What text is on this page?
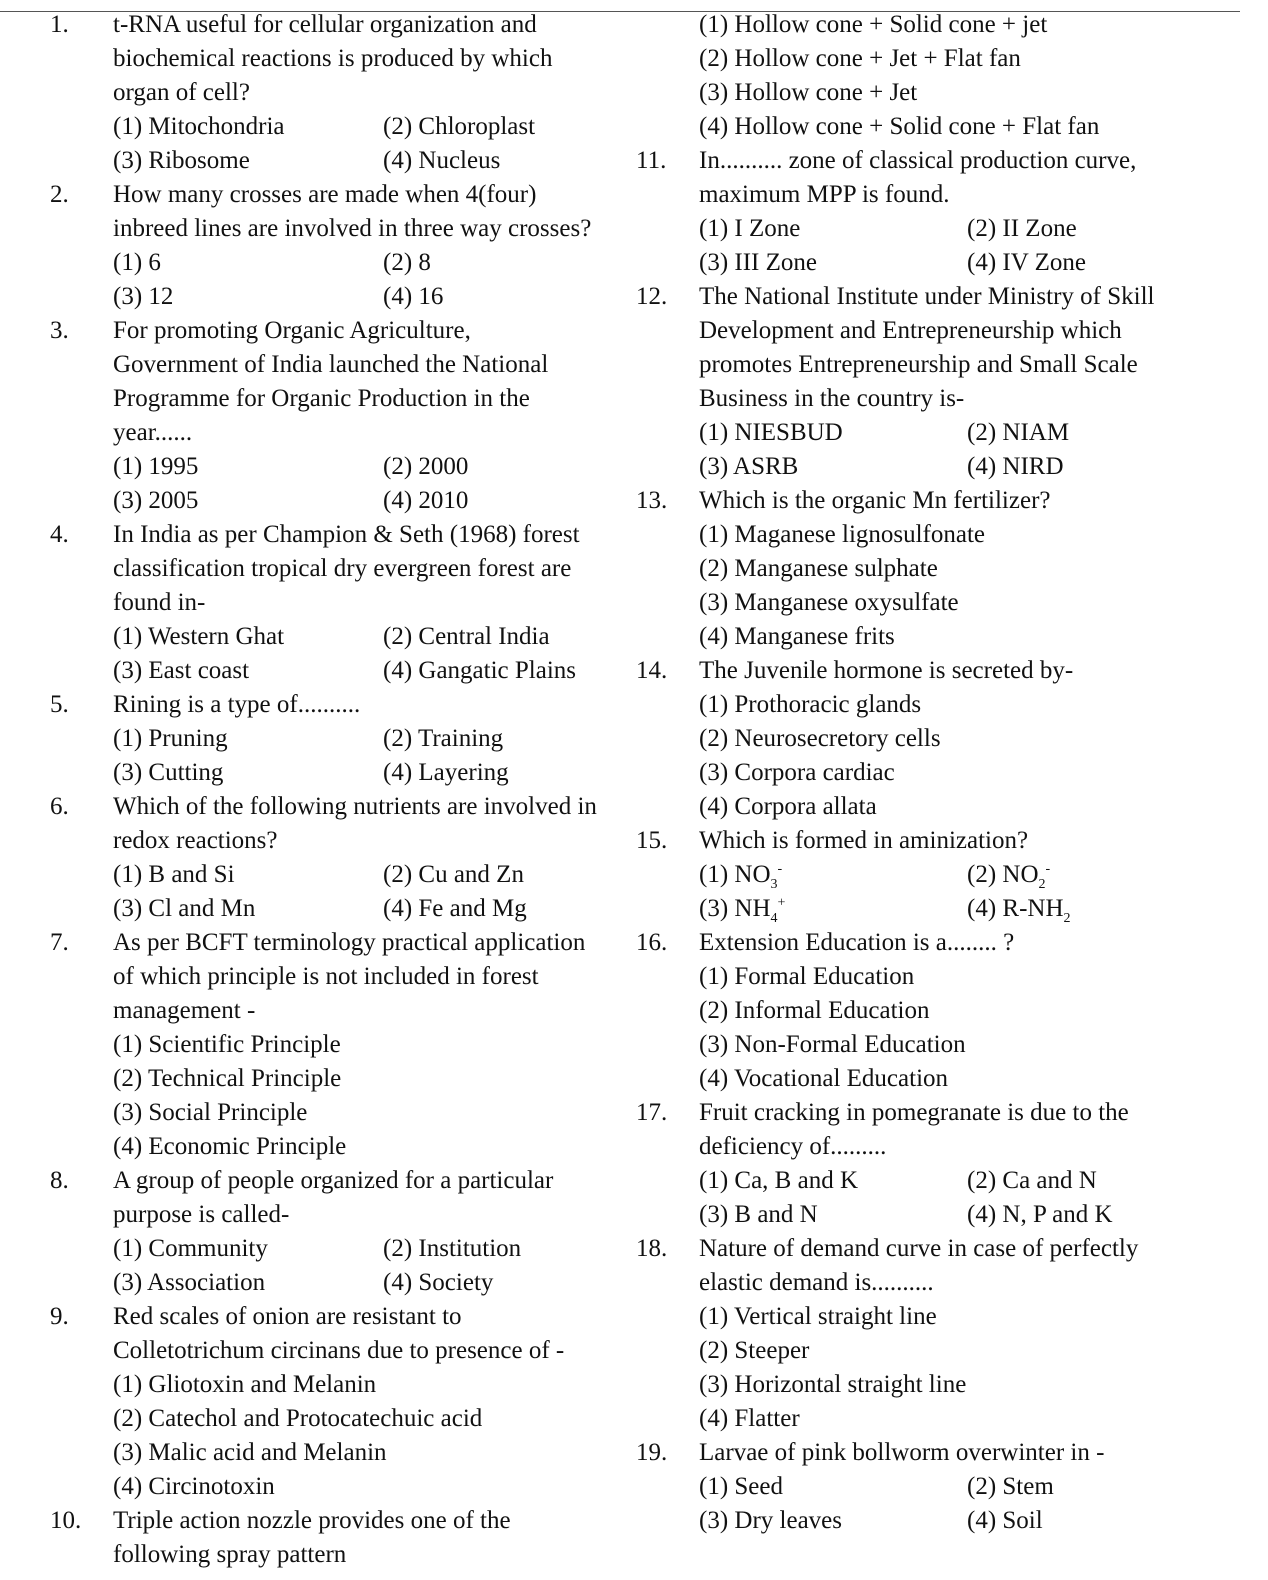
1.	t-RNA useful for cellular organization and
biochemical reactions is produced by which
organ of cell?
(1) Mitochondria	(2) Chloroplast
(3) Ribosome	(4) Nucleus
2.	How many crosses are made when 4(four)
inbreed lines are involved in three way crosses?
(1) 6	(2) 8
(3) 12	(4) 16
3.	For promoting Organic Agriculture,
Government of India launched the National
Programme for Organic Production in the
year......
(1) 1995	(2) 2000
(3) 2005	(4) 2010
4.	In India as per Champion & Seth (1968) forest
classification tropical dry evergreen forest are
found in-
(1) Western Ghat	(2) Central India
(3) East coast	(4) Gangatic Plains
5.	Rining is a type of..........
(1) Pruning	(2) Training
(3) Cutting	(4) Layering
6.	Which of the following nutrients are involved in
redox reactions?
(1) B and Si	(2) Cu and Zn
(3) Cl and Mn	(4) Fe and Mg
7.	As per BCFT terminology practical application
of which principle is not included in forest
management -
(1) Scientific Principle
(2) Technical Principle
(3) Social Principle
(4) Economic Principle
8.	A group of people organized for a particular
purpose is called-
(1) Community	(2) Institution
(3) Association	(4) Society
9.	Red scales of onion are resistant to
Colletotrichum circinans due to presence of -
(1) Gliotoxin and Melanin
(2) Catechol and Protocatechuic acid
(3) Malic acid and Melanin
(4) Circinotoxin
10.	Triple action nozzle provides one of the
following spray pattern
(1) Hollow cone + Solid cone + jet
(2) Hollow cone + Jet + Flat fan
(3) Hollow cone + Jet
(4) Hollow cone + Solid cone + Flat fan
11.	In.......... zone of classical production curve,
maximum MPP is found.
(1) I Zone	(2) II Zone
(3) III Zone	(4) IV Zone
12.	The National Institute under Ministry of Skill
Development and Entrepreneurship which
promotes Entrepreneurship and Small Scale
Business in the country is-
(1) NIESBUD	(2) NIAM
(3) ASRB	(4) NIRD
13.	Which is the organic Mn fertilizer?
(1) Maganese lignosulfonate
(2) Manganese sulphate
(3) Manganese oxysulfate
(4) Manganese frits
14.	The Juvenile hormone is secreted by-
(1) Prothoracic glands
(2) Neurosecretory cells
(3) Corpora cardiac
(4) Corpora allata
15.	Which is formed in aminization?
(1) $NO_3^-$	(2) $NO_2^-$
(3) $NH_4^+$	(4) $R-NH_2$
16.	Extension Education is a........ ?
(1) Formal Education
(2) Informal Education
(3) Non-Formal Education
(4) Vocational Education
17.	Fruit cracking in pomegranate is due to the
deficiency of.........
(1) Ca, B and K	(2) Ca and N
(3) B and N	(4) N, P and K
18.	Nature of demand curve in case of perfectly
elastic demand is..........
(1) Vertical straight line
(2) Steeper
(3) Horizontal straight line
(4) Flatter
19.	Larvae of pink bollworm overwinter in -
(1) Seed	(2) Stem
(3) Dry leaves	(4) Soil
